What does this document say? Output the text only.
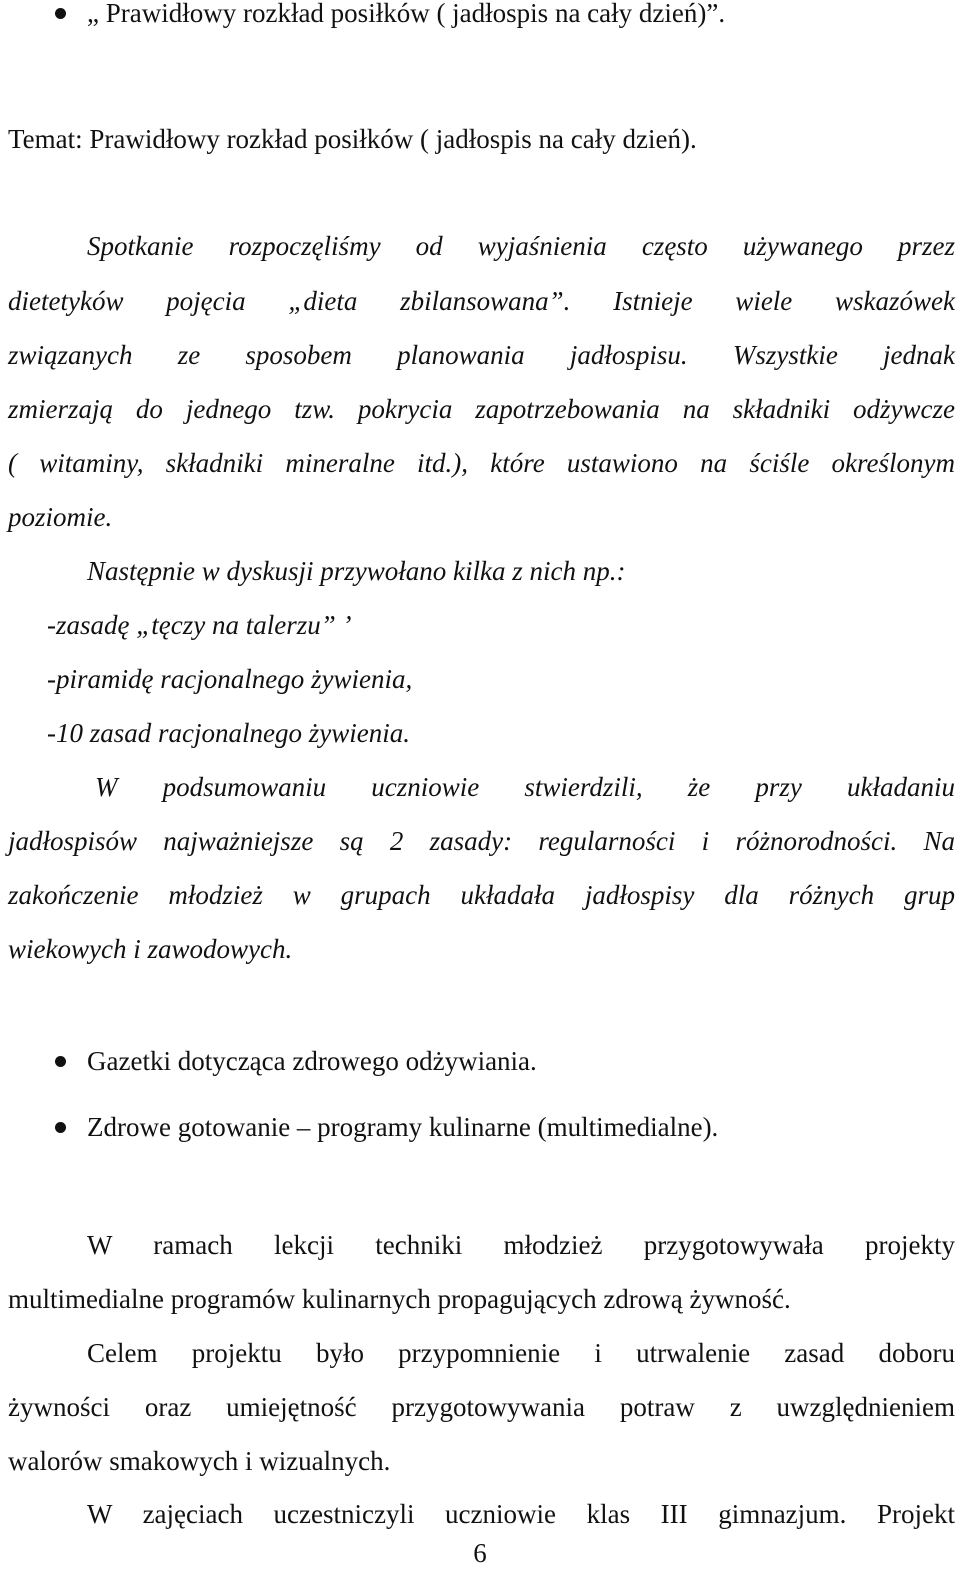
„ Prawidłowy rozkład posiłków ( jadłospis na cały dzień)”.
Temat: Prawidłowy rozkład posiłków ( jadłospis na cały dzień).
Spotkanie rozpoczęliśmy od wyjaśnienia często używanego przez
dietetyków pojęcia „dieta zbilansowana”. Istnieje wiele wskazówek
związanych ze sposobem planowania jadłospisu. Wszystkie jednak
zmierzają do jednego tzw. pokrycia zapotrzebowania na składniki odżywcze
( witaminy, składniki mineralne itd.), które ustawiono na ściśle określonym
poziomie.
Następnie w dyskusji przywołano kilka z nich np.:
-zasadę „tęczy na talerzu” ’
-piramidę racjonalnego żywienia,
-10 zasad racjonalnego żywienia.
W podsumowaniu uczniowie stwierdzili, że przy układaniu
jadłospisów najważniejsze są 2 zasady: regularności i różnorodności. Na
zakończenie młodzież w grupach układała jadłospisy dla różnych grup
wiekowych i zawodowych.
Gazetki dotycząca zdrowego odżywiania.
Zdrowe gotowanie – programy kulinarne (multimedialne).
W ramach lekcji techniki młodzież przygotowywała projekty
multimedialne programów kulinarnych propagujących zdrową żywność.
Celem projektu było przypomnienie i utrwalenie zasad doboru
żywności oraz umiejętność przygotowywania potraw z uwzględnieniem
walorów smakowych i wizualnych.
W zajęciach uczestniczyli uczniowie klas III gimnazjum. Projekt
6
